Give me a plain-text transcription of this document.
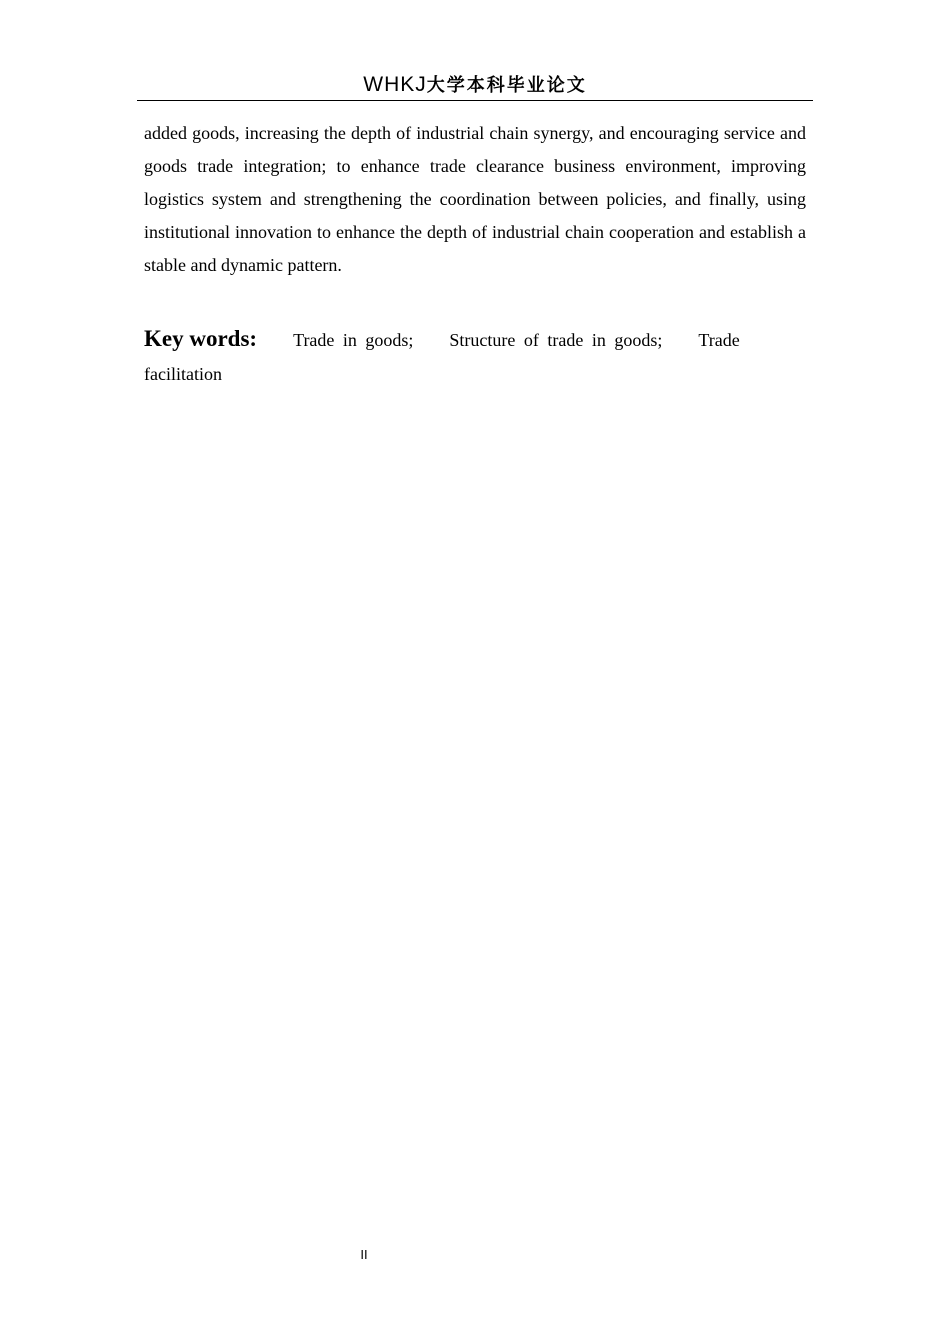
WHKJ大学本科毕业论文

added goods, increasing the depth of industrial chain synergy, and encouraging service and goods trade integration; to enhance trade clearance business environment, improving logistics system and strengthening the coordination between policies, and finally, using institutional innovation to enhance the depth of industrial chain cooperation and establish a stable and dynamic pattern.

Key words: Trade in goods; Structure of trade in goods; Trade facilitation

II
